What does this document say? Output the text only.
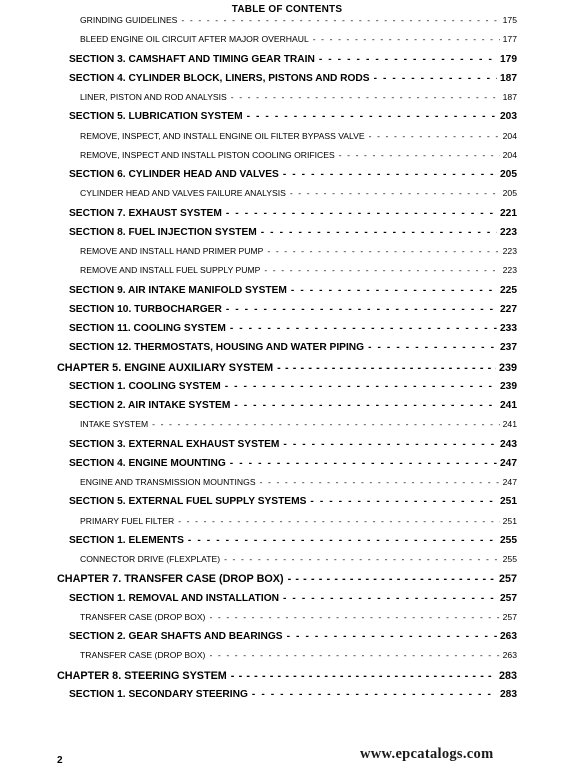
TABLE OF CONTENTS
GRINDING GUIDELINES - - -	175
BLEED ENGINE OIL CIRCUIT AFTER MAJOR OVERHAUL - - -	177
SECTION 3. CAMSHAFT AND TIMING GEAR TRAIN - - -	179
SECTION 4. CYLINDER BLOCK, LINERS, PISTONS AND RODS - - -	187
LINER, PISTON AND ROD ANALYSIS - - -	187
SECTION 5. LUBRICATION SYSTEM - - -	203
REMOVE, INSPECT, AND INSTALL ENGINE OIL FILTER BYPASS VALVE - - -	204
REMOVE, INSPECT AND INSTALL PISTON COOLING ORIFICES - - -	204
SECTION 6. CYLINDER HEAD AND VALVES - - -	205
CYLINDER HEAD AND VALVES FAILURE ANALYSIS - - -	205
SECTION 7. EXHAUST SYSTEM - - -	221
SECTION 8. FUEL INJECTION SYSTEM - - -	223
REMOVE AND INSTALL HAND PRIMER PUMP - - -	223
REMOVE AND INSTALL FUEL SUPPLY PUMP - - -	223
SECTION 9. AIR INTAKE MANIFOLD SYSTEM - - -	225
SECTION 10. TURBOCHARGER - - -	227
SECTION 11. COOLING SYSTEM - - -	233
SECTION 12. THERMOSTATS, HOUSING AND WATER PIPING - - -	237
CHAPTER 5. ENGINE AUXILIARY SYSTEM - - -	239
SECTION 1. COOLING SYSTEM - - -	239
SECTION 2. AIR INTAKE SYSTEM - - -	241
INTAKE SYSTEM - - -	241
SECTION 3. EXTERNAL EXHAUST SYSTEM - - -	243
SECTION 4. ENGINE MOUNTING - - -	247
ENGINE AND TRANSMISSION MOUNTINGS - - -	247
SECTION 5. EXTERNAL FUEL SUPPLY SYSTEMS - - -	251
PRIMARY FUEL FILTER - - -	251
SECTION 1. ELEMENTS - - -	255
CONNECTOR DRIVE (FLEXPLATE) - - -	255
CHAPTER 7. TRANSFER CASE (DROP BOX) - - -	257
SECTION 1. REMOVAL AND INSTALLATION - - -	257
TRANSFER CASE (DROP BOX) - - -	257
SECTION 2. GEAR SHAFTS AND BEARINGS - - -	263
TRANSFER CASE (DROP BOX) - - -	263
CHAPTER 8. STEERING SYSTEM - - -	283
SECTION 1. SECONDARY STEERING - - -	283
2	www.epcatalogs.com
